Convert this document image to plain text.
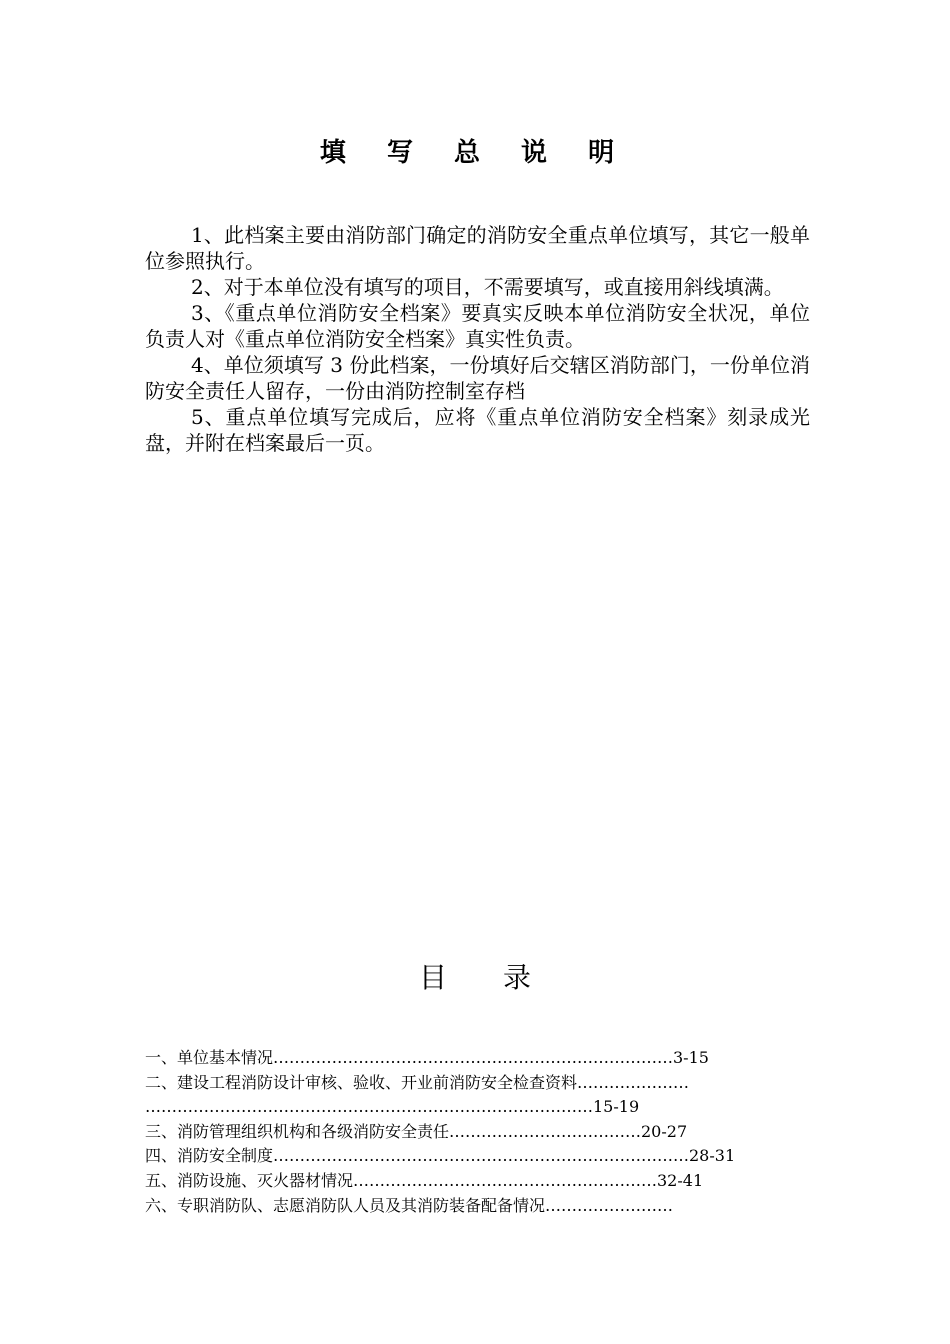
填 写 总 说 明

1、此档案主要由消防部门确定的消防安全重点单位填写，其它一般单位参照执行。

2、对于本单位没有填写的项目，不需要填写，或直接用斜线填满。

3、《重点单位消防安全档案》要真实反映本单位消防安全状况，单位负责人对《重点单位消防安全档案》真实性负责。

4、单位须填写 3 份此档案，一份填好后交辖区消防部门，一份单位消防安全责任人留存，一份由消防控制室存档

5、重点单位填写完成后，应将《重点单位消防安全档案》刻录成光盘，并附在档案最后一页。

目 录
一、单位基本情况…………………………………………………………………3-15
二、建设工程消防设计审核、验收、开业前消防安全检查资料…………………
…………………………………………………………………………15-19
三、消防管理组织机构和各级消防安全责任………………………………20-27
四、消防安全制度……………………………………………………………………28-31
五、消防设施、灭火器材情况…………………………………………………32-41
六、专职消防队、志愿消防队人员及其消防装备配备情况……………………
